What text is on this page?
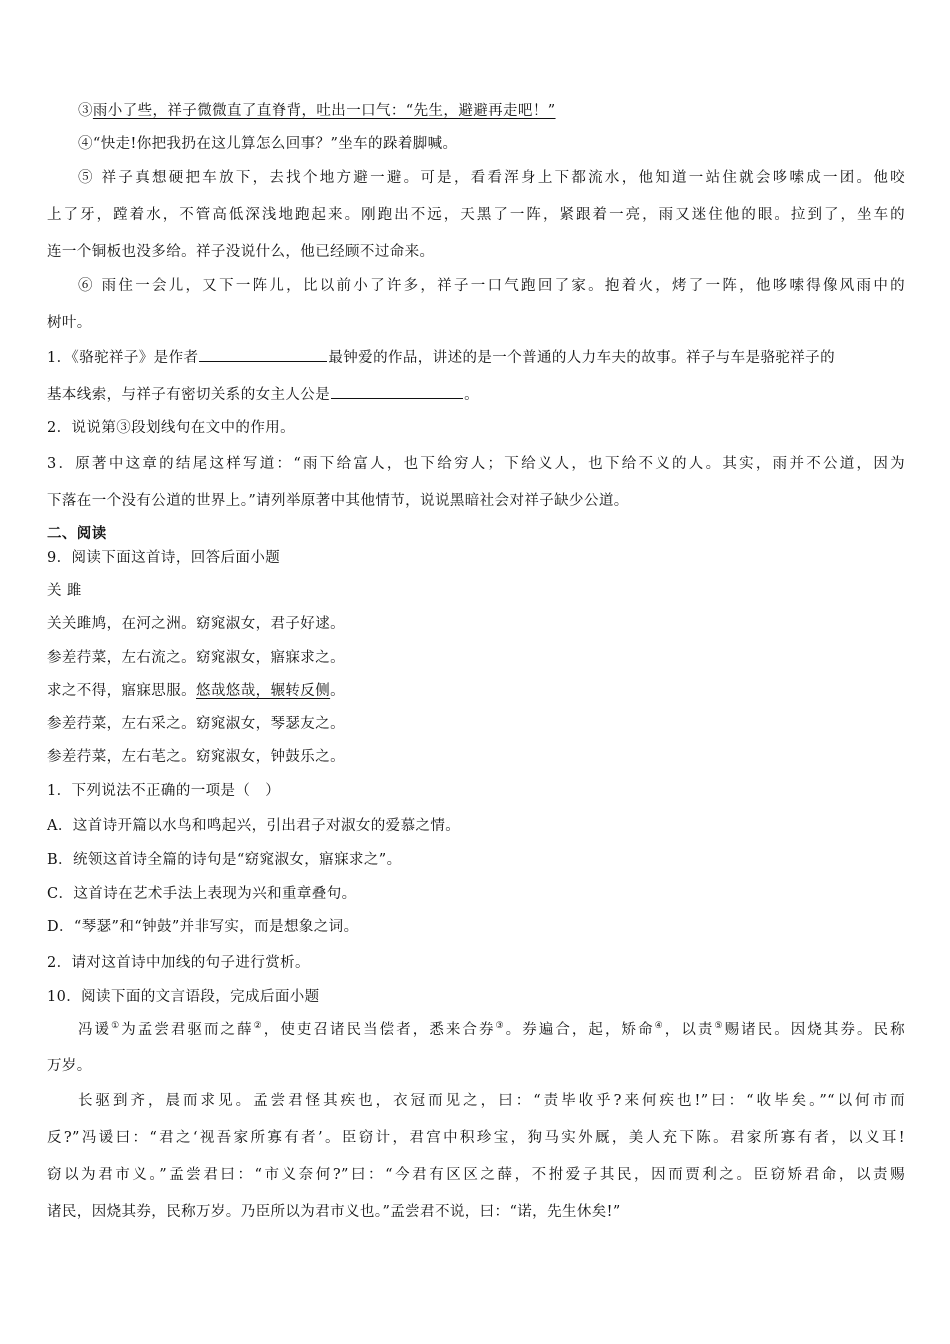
③雨小了些，祥子微微直了直脊背，吐出一口气：“先生，避避再走吧！”
④“快走!你把我扔在这儿算怎么回事？”坐车的跺着脚喊。
⑤ 祥子真想硬把车放下，去找个地方避一避。可是，看看浑身上下都流水，他知道一站住就会哆嗦成一团。他咬
上了牙，蹚着水，不管高低深浅地跑起来。刚跑出不远，天黑了一阵，紧跟着一亮，雨又迷住他的眼。拉到了，坐车的
连一个铜板也没多给。祥子没说什么，他已经顾不过命来。
⑥ 雨住一会儿，又下一阵儿，比以前小了许多，祥子一口气跑回了家。抱着火，烤了一阵，他哆嗦得像风雨中的
树叶。
1．《骆驼祥子》是作者	最钟爱的作品，讲述的是一个普通的人力车夫的故事。祥子与车是骆驼祥子的
基本线索，与祥子有密切关系的女主人公是	。
2．说说第③段划线句在文中的作用。
3．原著中这章的结尾这样写道：“雨下给富人，也下给穷人；下给义人，也下给不义的人。其实，雨并不公道，因为
下落在一个没有公道的世界上。”请列举原著中其他情节，说说黑暗社会对祥子缺少公道。
二、阅读
9．阅读下面这首诗，回答后面小题
关 雎
关关雎鸠，在河之洲。窈窕淑女，君子好逑。
参差荇菜，左右流之。窈窕淑女，寤寐求之。
求之不得，寤寐思服。悠哉悠哉，辗转反侧。
参差荇菜，左右采之。窈窕淑女，琴瑟友之。
参差荇菜，左右芼之。窈窕淑女，钟鼓乐之。
1．下列说法不正确的一项是（　）
A．这首诗开篇以水鸟和鸣起兴，引出君子对淑女的爱慕之情。
B．统领这首诗全篇的诗句是“窈窕淑女，寤寐求之”。
C．这首诗在艺术手法上表现为兴和重章叠句。
D．“琴瑟”和“钟鼓”并非写实，而是想象之词。
2．请对这首诗中加线的句子进行赏析。
10．阅读下面的文言语段，完成后面小题
冯谖①为孟尝君驱而之薛②，使吏召诸民当偿者，悉来合券③。券遍合，起，矫命④，以责⑤赐诸民。因烧其券。民称
万岁。
长驱到齐，晨而求见。孟尝君怪其疾也，衣冠而见之，曰：“责毕收乎?来何疾也!”曰：“收毕矣。”“以何市而
反?”冯谖曰：“君之‘视吾家所寡有者’。臣窃计，君宫中积珍宝，狗马实外厩，美人充下陈。君家所寡有者，以义耳!
窃以为君市义。”孟尝君曰：“市义奈何?”曰：“今君有区区之薛，不拊爱子其民，因而贾利之。臣窃矫君命，以责赐
诸民，因烧其券，民称万岁。乃臣所以为君市义也。”孟尝君不说，曰：“诺，先生休矣!”
